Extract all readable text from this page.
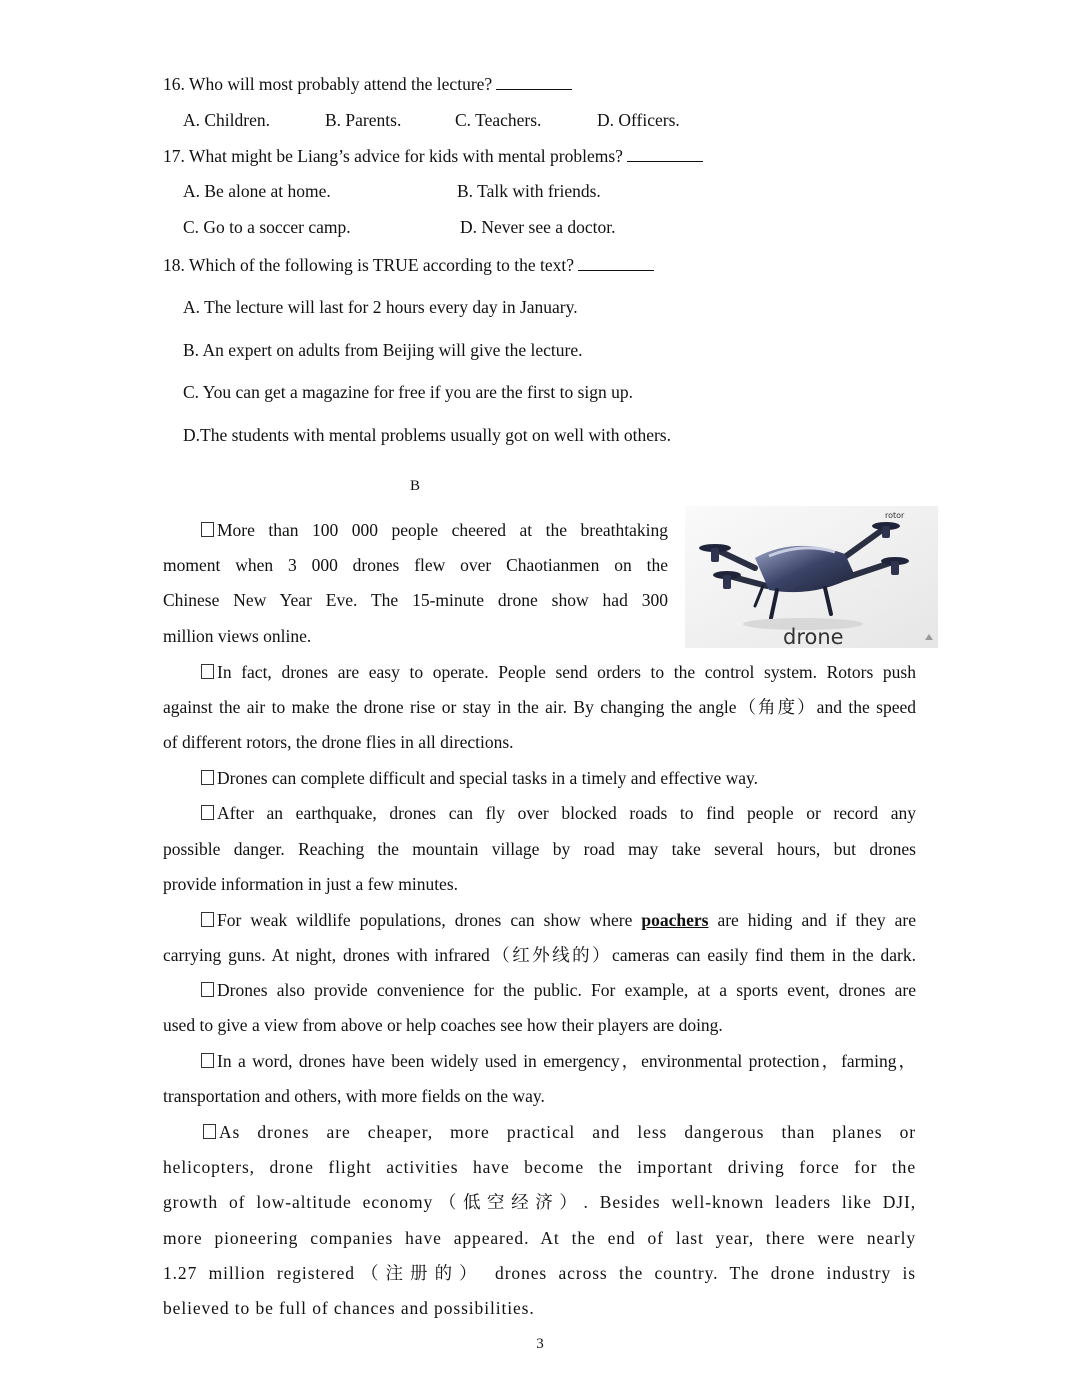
16. Who will most probably attend the lecture?
A. Children.	B. Parents.	C. Teachers.	D. Officers.
17. What might be Liang’s advice for kids with mental problems?
A. Be alone at home.	B. Talk with friends.
C. Go to a soccer camp.	D. Never see a doctor.
18. Which of the following is TRUE according to the text?
A. The lecture will last for 2 hours every day in January.
B. An expert on adults from Beijing will give the lecture.
C. You can get a magazine for free if you are the first to sign up.
D.The students with mental problems usually got on well with others.
B
rotor
drone
More than 100 000 people cheered at the breathtaking
moment when 3 000 drones flew over Chaotianmen on the
Chinese New Year Eve. The 15-minute drone show had 300
million views online.
In fact, drones are easy to operate. People send orders to the control system. Rotors push
against the air to make the drone rise or stay in the air. By changing the angle（角度）and the speed
of different rotors, the drone flies in all directions.
Drones can complete difficult and special tasks in a timely and effective way.
After an earthquake, drones can fly over blocked roads to find people or record any
possible danger. Reaching the mountain village by road may take several hours, but drones
provide information in just a few minutes.
For weak wildlife populations, drones can show where poachers are hiding and if they are
carrying guns. At night, drones with infrared（红外线的）cameras can easily find them in the dark.
Drones also provide convenience for the public. For example, at a sports event, drones are
used to give a view from above or help coaches see how their players are doing.
In a word, drones have been widely used in emergency，environmental protection，farming，
transportation and others, with more fields on the way.
As drones are cheaper, more practical and less dangerous than planes or
helicopters, drone flight activities have become the important driving force for the
growth of low-altitude economy（低空经济）. Besides well-known leaders like DJI,
more pioneering companies have appeared. At the end of last year, there were nearly
1.27 million registered（注册的） drones across the country. The drone industry is
believed to be full of chances and possibilities.
3
